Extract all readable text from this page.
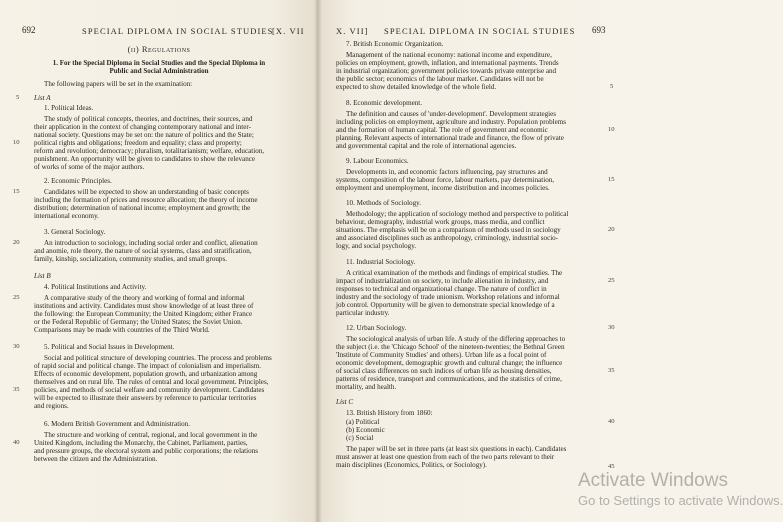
692	SPECIAL DIPLOMA IN SOCIAL STUDIES
[X. VII
(ii) Regulations
1. For the Special Diploma in Social Studies and the Special Diploma in
Public and Social Administration
The following papers will be set in the examination:
List A
1. Political Ideas.
The study of political concepts, theories, and doctrines, their sources, and
their application in the context of changing contemporary national and inter-
national society. Questions may be set on: the nature of politics and the State;
political rights and obligations; freedom and equality; class and property;
reform and revolution; democracy; pluralism, totalitarianism; welfare, education,
punishment. An opportunity will be given to candidates to show the relevance
of works of some of the major authors.
2. Economic Principles.
Candidates will be expected to show an understanding of basic concepts
including the formation of prices and resource allocation; the theory of income
distribution; determination of national income; employment and growth; the
international economy.
3. General Sociology.
An introduction to sociology, including social order and conflict, alienation
and anomie, role theory, the nature of social systems, class and stratification,
family, kinship, socialization, community studies, and small groups.
List B
4. Political Institutions and Activity.
A comparative study of the theory and working of formal and informal
institutions and activity. Candidates must show knowledge of at least three of
the following: the European Community; the United Kingdom; either France
or the Federal Republic of Germany; the United States; the Soviet Union.
Comparisons may be made with countries of the Third World.
5. Political and Social Issues in Development.
Social and political structure of developing countries. The process and problems
of rapid social and political change. The impact of colonialism and imperialism.
Effects of economic development, population growth, and urbanization among
themselves and on rural life. The rules of central and local government. Principles,
policies, and methods of social welfare and community development. Candidates
will be expected to illustrate their answers by reference to particular territories
and regions.
6. Modern British Government and Administration.
The structure and working of central, regional, and local government in the
United Kingdom, including the Monarchy, the Cabinet, Parliament, parties,
and pressure groups, the electoral system and public corporations; the relations
between the citizen and the Administration.
5
10
15
20
25
30
35
40
X. VII] SPECIAL DIPLOMA IN SOCIAL STUDIES 693
7. British Economic Organization.
Management of the national economy: national income and expenditure,
policies on employment, growth, inflation, and international payments. Trends
in industrial organization; government policies towards private enterprise and
the public sector; economics of the labour market. Candidates will not be
expected to show detailed knowledge of the whole field.
8. Economic development.
The definition and causes of 'under-development'. Development strategies
including policies on employment, agriculture and industry. Population problems
and the formation of human capital. The role of government and economic
planning. Relevant aspects of international trade and finance, the flow of private
and governmental capital and the role of international agencies.
9. Labour Economics.
Developments in, and economic factors influencing, pay structures and
systems, composition of the labour force, labour markets, pay determination,
employment and unemployment, income distribution and incomes policies.
10. Methods of Sociology.
Methodology; the application of sociology method and perspective to political
behaviour, demography, industrial work groups, mass media, and conflict
situations. The emphasis will be on a comparison of methods used in sociology
and associated disciplines such as anthropology, criminology, industrial socio-
logy, and social psychology.
11. Industrial Sociology.
A critical examination of the methods and findings of empirical studies. The
impact of industrialization on society, to include alienation in industry, and
responses to technical and organizational change. The nature of conflict in
industry and the sociology of trade unionism. Workshop relations and informal
job control. Opportunity will be given to demonstrate special knowledge of a
particular industry.
12. Urban Sociology.
The sociological analysis of urban life. A study of the differing approaches to
the subject (i.e. the 'Chicago School' of the nineteen-twenties; the Bethnal Green
'Institute of Community Studies' and others). Urban life as a focal point of
economic development, demographic growth and cultural change; the influence
of social class differences on such indices of urban life as housing densities,
patterns of residence, transport and communications, and the statistics of crime,
mortality, and health.
List C
13. British History from 1860:
(a) Political
(b) Economic
(c) Social
The paper will be set in three parts (at least six questions in each). Candidates
must answer at least one question from each of the two parts relevant to their
main disciplines (Economics, Politics, or Sociology).
5
10
15
20
25
30
35
40
45
Activate Windows
Go to Settings to activate Windows.
